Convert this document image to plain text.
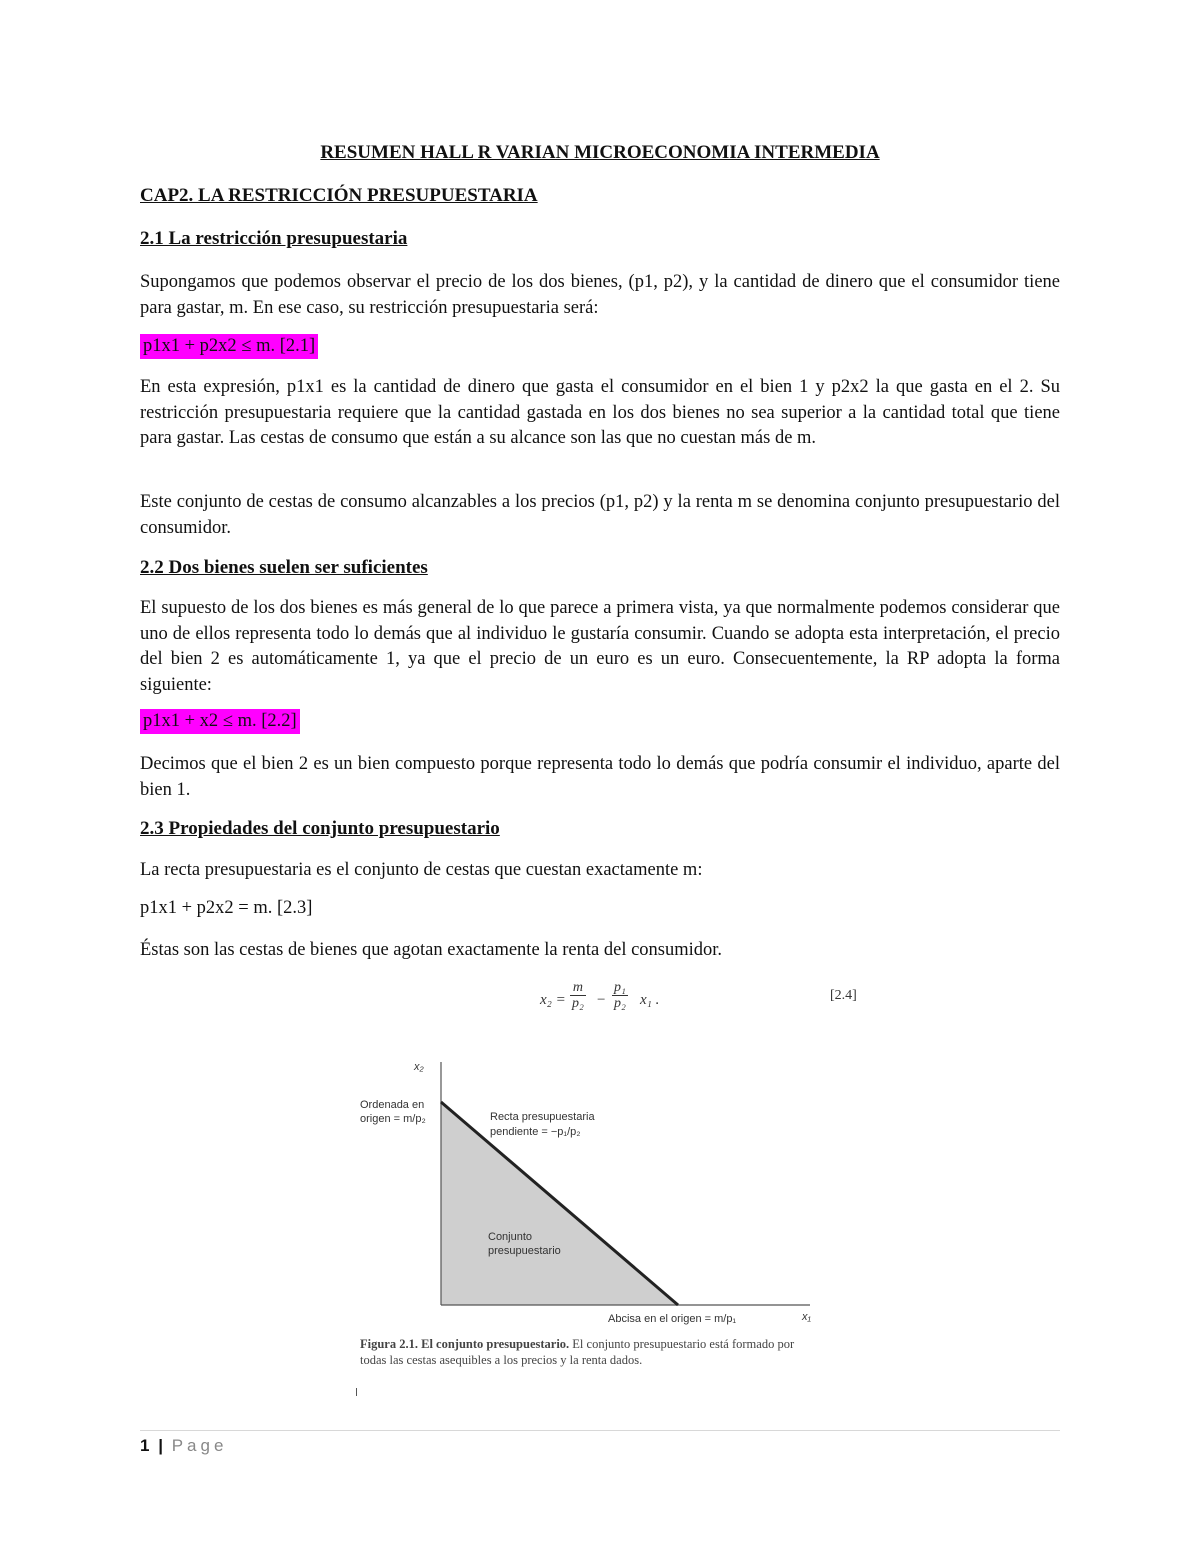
RESUMEN HALL R VARIAN MICROECONOMIA INTERMEDIA

CAP2. LA RESTRICCIÓN PRESUPUESTARIA

2.1 La restricción presupuestaria

Supongamos que podemos observar el precio de los dos bienes, (p1, p2), y la cantidad de dinero que el consumidor tiene para gastar, m. En ese caso, su restricción presupuestaria será:

p1x1 + p2x2 ≤ m. [2.1]

En esta expresión, p1x1 es la cantidad de dinero que gasta el consumidor en el bien 1 y p2x2 la que gasta en el 2. Su restricción presupuestaria requiere que la cantidad gastada en los dos bienes no sea superior a la cantidad total que tiene para gastar. Las cestas de consumo que están a su alcance son las que no cuestan más de m.

Este conjunto de cestas de consumo alcanzables a los precios (p1, p2) y la renta m se denomina conjunto presupuestario del consumidor.

2.2 Dos bienes suelen ser suficientes

El supuesto de los dos bienes es más general de lo que parece a primera vista, ya que normalmente podemos considerar que uno de ellos representa todo lo demás que al individuo le gustaría consumir. Cuando se adopta esta interpretación, el precio del bien 2 es automáticamente 1, ya que el precio de un euro es un euro. Consecuentemente, la RP adopta la forma siguiente:

p1x1 + x2 ≤ m. [2.2]

Decimos que el bien 2 es un bien compuesto porque representa todo lo demás que podría consumir el individuo, aparte del bien 1.

2.3 Propiedades del conjunto presupuestario

La recta presupuestaria es el conjunto de cestas que cuestan exactamente m:

p1x1 + p2x2 = m. [2.3]

Éstas son las cestas de bienes que agotan exactamente la renta del consumidor.

$x_2 = \frac{m}{\text{p₂}} - \frac{\text{p₁}}{\text{p₂}} x_1$ .	[2.4]
x₂
x₁
Ordenada en
origen = m/p₂	Recta presupuestaria
pendiente = −p₁/p₂
Conjunto
presupuestario
Abcisa en el origen = m/p₁
Figura 2.1. El conjunto presupuestario. El conjunto presupuestario está formado por todas las cestas asequibles a los precios y la renta dados.
1 | Page
